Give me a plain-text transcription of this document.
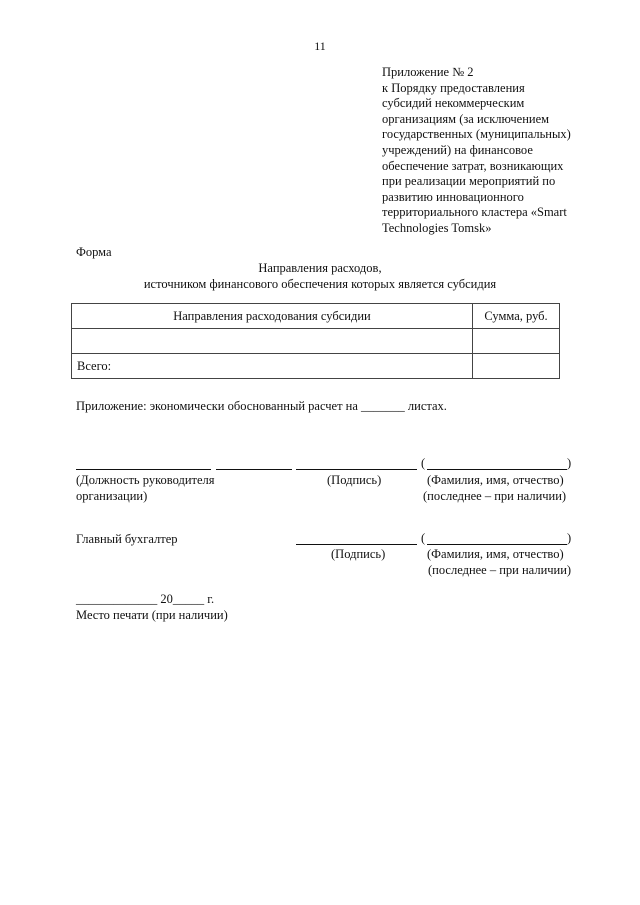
11
Приложение № 2
к Порядку предоставления
субсидий некоммерческим
организациям (за исключением
государственных (муниципальных)
учреждений) на финансовое
обеспечение затрат, возникающих
при реализации мероприятий по
развитию инновационного
территориального кластера «Smart
Technologies Tomsk»
Форма
Направления расходов,
источником финансового обеспечения которых является субсидия
Направления расходования субсидии	Сумма, руб.

Всего:	
Приложение: экономически обоснованный расчет на _______ листах.
(	)
(Должность руководителя
организации)
(Подпись)	(Фамилия, имя, отчество)
(последнее – при наличии)
Главный бухгалтер	(	)
(Подпись)	(Фамилия, имя, отчество)
(последнее – при наличии)
_____________ 20_____ г.
Место печати (при наличии)
